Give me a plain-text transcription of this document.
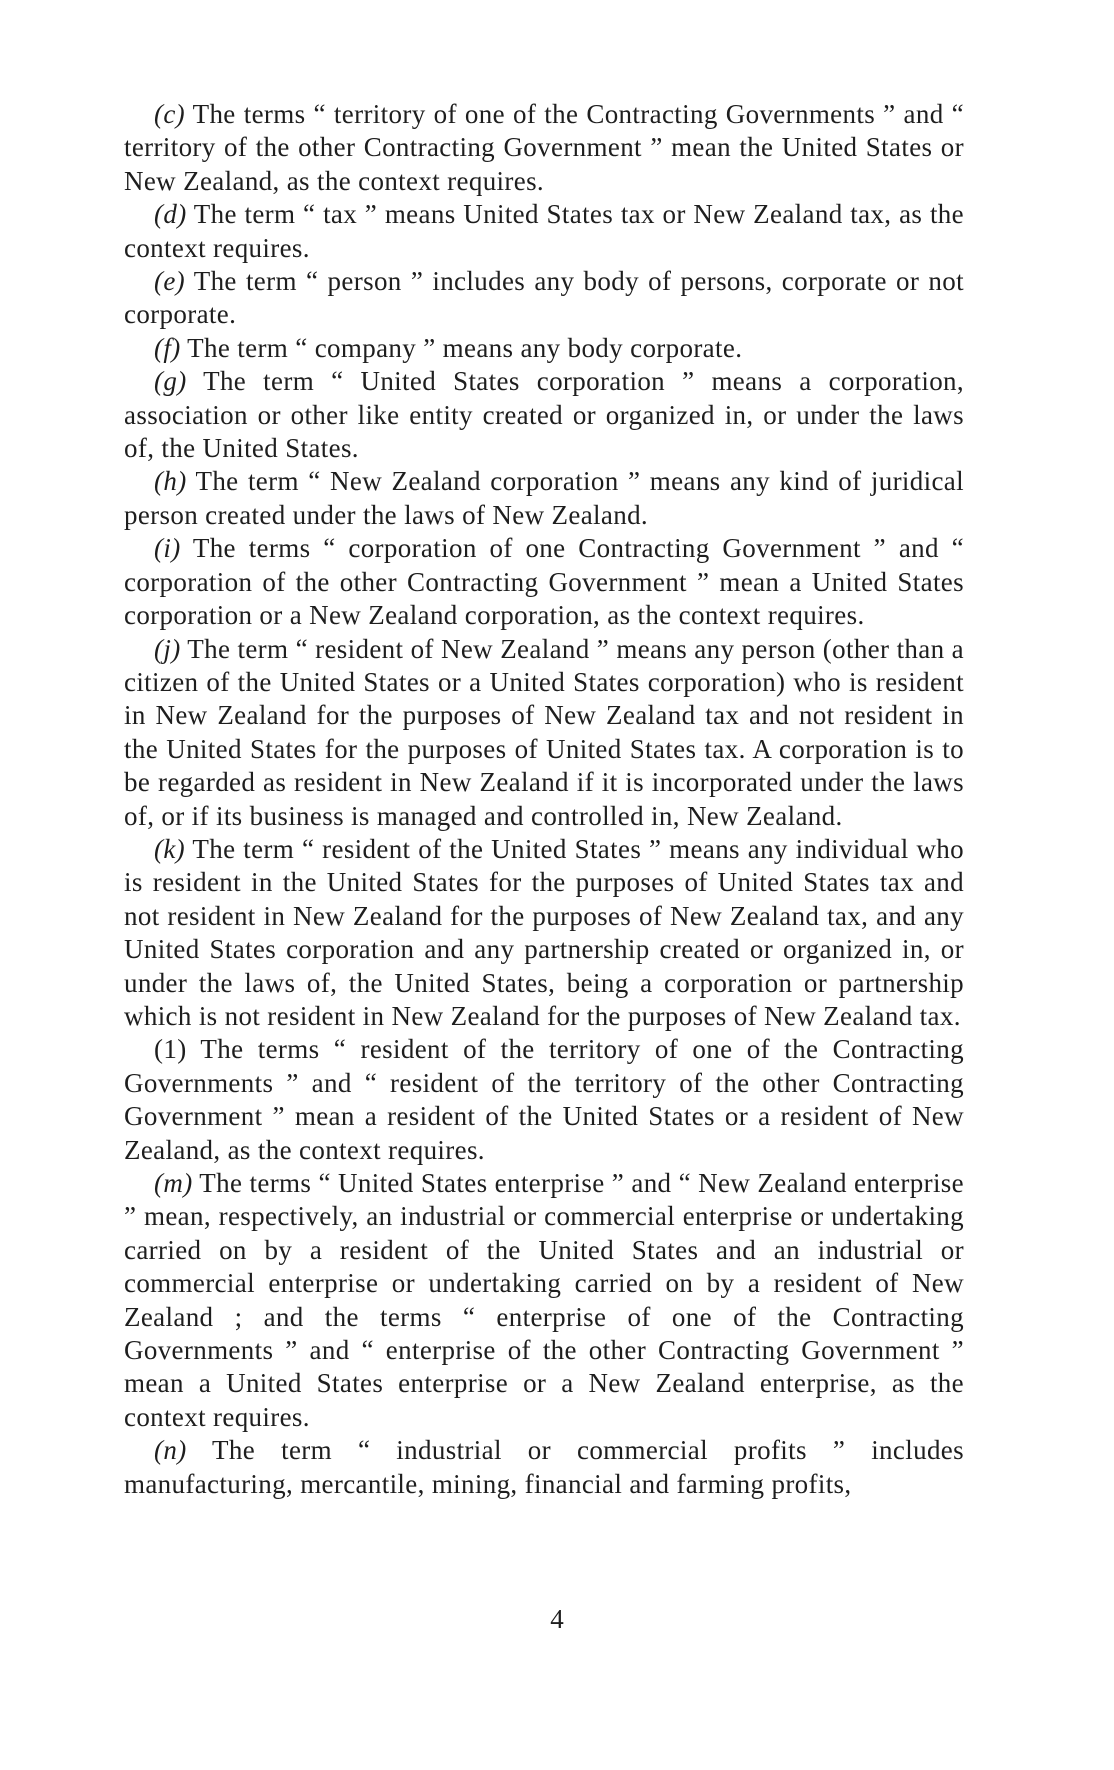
(c) The terms “ territory of one of the Contracting Governments ” and “ territory of the other Contracting Government ” mean the United States or New Zealand, as the context requires.

(d) The term “ tax ” means United States tax or New Zealand tax, as the context requires.

(e) The term “ person ” includes any body of persons, corporate or not corporate.

(f) The term “ company ” means any body corporate.

(g) The term “ United States corporation ” means a corporation, association or other like entity created or organized in, or under the laws of, the United States.

(h) The term “ New Zealand corporation ” means any kind of juridical person created under the laws of New Zealand.

(i) The terms “ corporation of one Contracting Government ” and “ corporation of the other Contracting Government ” mean a United States corporation or a New Zealand corporation, as the context requires.

(j) The term “ resident of New Zealand ” means any person (other than a citizen of the United States or a United States corporation) who is resident in New Zealand for the purposes of New Zealand tax and not resident in the United States for the purposes of United States tax. A corporation is to be regarded as resident in New Zealand if it is incorporated under the laws of, or if its business is managed and controlled in, New Zealand.

(k) The term “ resident of the United States ” means any individual who is resident in the United States for the purposes of United States tax and not resident in New Zealand for the purposes of New Zealand tax, and any United States corporation and any partnership created or organized in, or under the laws of, the United States, being a corporation or partnership which is not resident in New Zealand for the purposes of New Zealand tax.

(1) The terms “ resident of the territory of one of the Contracting Governments ” and “ resident of the territory of the other Contracting Government ” mean a resident of the United States or a resident of New Zealand, as the context requires.

(m) The terms “ United States enterprise ” and “ New Zealand enterprise ” mean, respectively, an industrial or commercial enterprise or undertaking carried on by a resident of the United States and an industrial or commercial enterprise or undertaking carried on by a resident of New Zealand ; and the terms “ enterprise of one of the Contracting Governments ” and “ enterprise of the other Contracting Government ” mean a United States enterprise or a New Zealand enterprise, as the context requires.

(n) The term “ industrial or commercial profits ” includes manufacturing, mercantile, mining, financial and farming profits,

4
